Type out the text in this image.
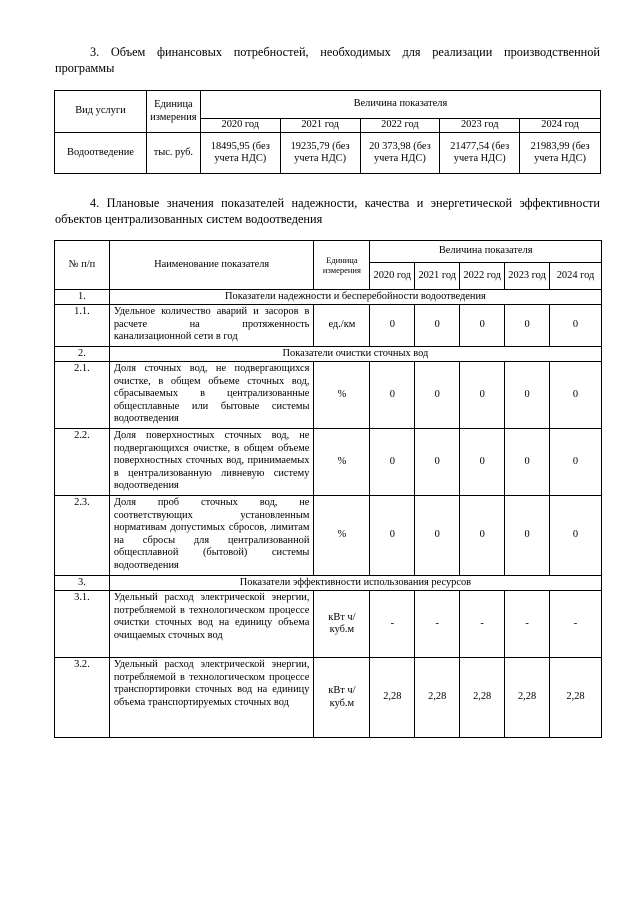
3. Объем финансовых потребностей, необходимых для реализации производственной
программы
Вид услуги	Единица измерения	Величина показателя				
		2020 год	2021 год	2022 год	2023 год	2024 год
Водоотведение	тыс. руб.	18495,95 (без учета НДС)	19235,79 (без учета НДС)	20 373,98 (без учета НДС)	21477,54 (без учета НДС)	21983,99 (без учета НДС)
4. Плановые значения показателей надежности, качества и энергетической эффективности
объектов централизованных систем водоотведения
№ п/п	Наименование показателя	Единица измерения	Величина показателя				
			2020 год	2021 год	2022 год	2023 год	2024 год
1.	Показатели надежности и бесперебойности водоотведения						
1.1.	Удельное количество аварий и засоров в расчете на протяженность канализационной сети в год	ед./км	0	0	0	0	0
2.	Показатели очистки сточных вод						
2.1.	Доля сточных вод, не подвергающихся очистке, в общем объеме сточных вод, сбрасываемых в централизованные общесплавные или бытовые системы водоотведения	%	0	0	0	0	0
2.2.	Доля поверхностных сточных вод, не подвергающихся очистке, в общем объеме поверхностных сточных вод, принимаемых в централизованную ливневую систему водоотведения	%	0	0	0	0	0
2.3.	Доля проб сточных вод, не соответствующих установленным нормативам допустимых сбросов, лимитам на сбросы для централизованной общесплавной (бытовой) системы водоотведения	%	0	0	0	0	0
3.	Показатели эффективности использования ресурсов						
3.1.	Удельный расход электрической энергии, потребляемой в технологическом процессе очистки сточных вод на единицу объема очищаемых сточных вод	кВт ч/куб.м	-	-	-	-	-
3.2.	Удельный расход электрической энергии, потребляемой в технологическом процессе транспортировки сточных вод на единицу объема транспортируемых сточных вод	кВт ч/куб.м	2,28	2,28	2,28	2,28	2,28
